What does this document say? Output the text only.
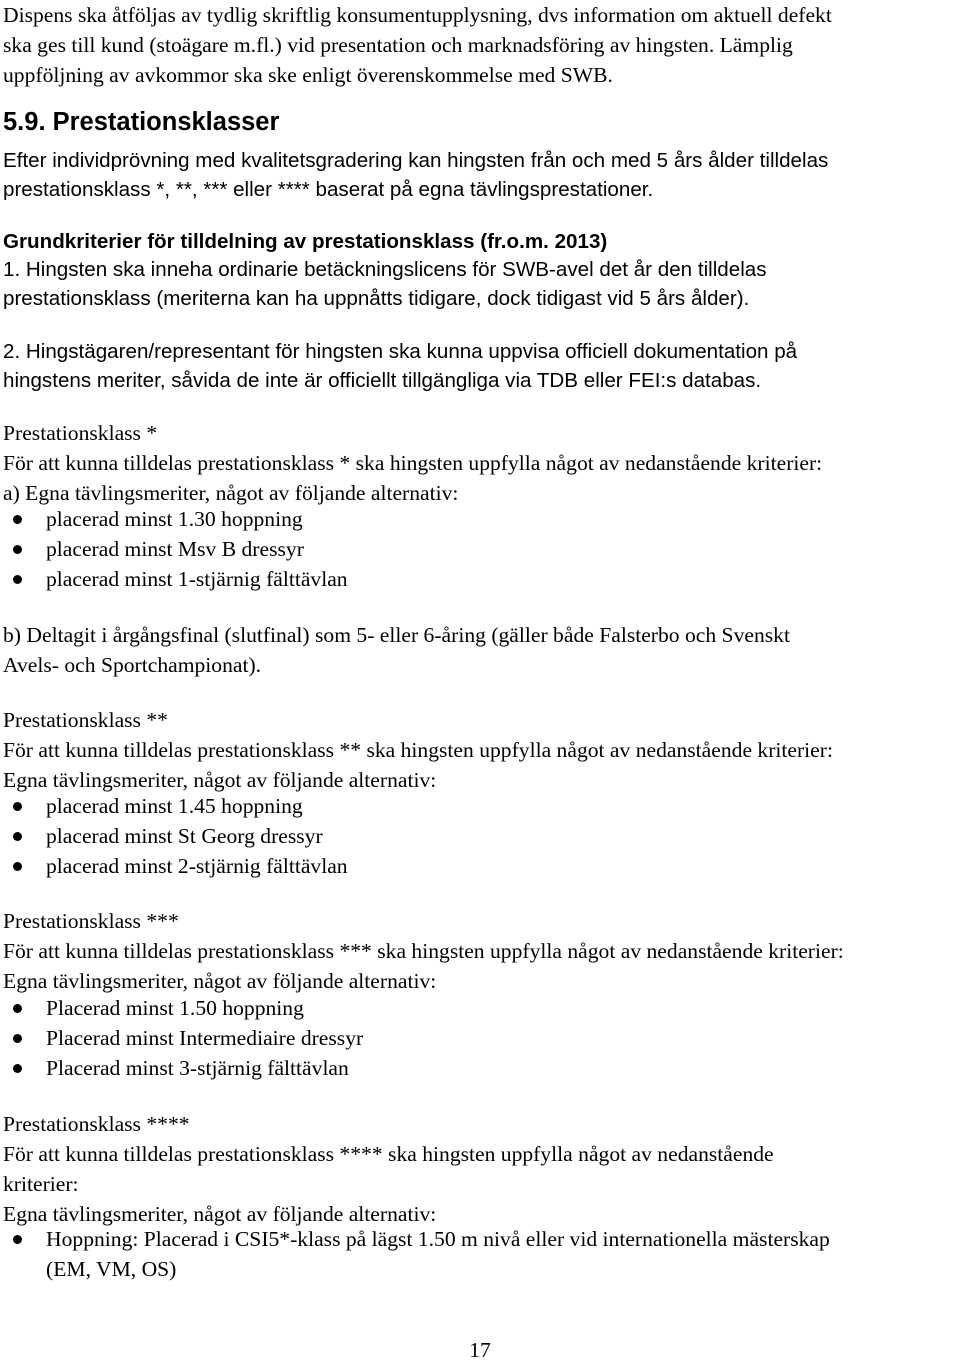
Dispens ska åtföljas av tydlig skriftlig konsumentupplysning, dvs information om aktuell defekt
ska ges till kund (stoägare m.fl.) vid presentation och marknadsföring av hingsten. Lämplig
uppföljning av avkommor ska ske enligt överenskommelse med SWB.
5.9. Prestationsklasser
Efter individprövning med kvalitetsgradering kan hingsten från och med 5 års ålder tilldelas
prestationsklass *, **, *** eller **** baserat på egna tävlingsprestationer.
Grundkriterier för tilldelning av prestationsklass (fr.o.m. 2013)
1. Hingsten ska inneha ordinarie betäckningslicens för SWB-avel det år den tilldelas
prestationsklass (meriterna kan ha uppnåtts tidigare, dock tidigast vid 5 års ålder).
2. Hingstägaren/representant för hingsten ska kunna uppvisa officiell dokumentation på
hingstens meriter, såvida de inte är officiellt tillgängliga via TDB eller FEI:s databas.
Prestationsklass *
För att kunna tilldelas prestationsklass * ska hingsten uppfylla något av nedanstående kriterier:
a) Egna tävlingsmeriter, något av följande alternativ:
placerad minst 1.30 hoppning
placerad minst Msv B dressyr
placerad minst 1-stjärnig fälttävlan
b) Deltagit i årgångsfinal (slutfinal) som 5- eller 6-åring (gäller både Falsterbo och Svenskt
Avels- och Sportchampionat).
Prestationsklass **
För att kunna tilldelas prestationsklass ** ska hingsten uppfylla något av nedanstående kriterier:
Egna tävlingsmeriter, något av följande alternativ:
placerad minst 1.45 hoppning
placerad minst St Georg dressyr
placerad minst 2-stjärnig fälttävlan
Prestationsklass ***
För att kunna tilldelas prestationsklass *** ska hingsten uppfylla något av nedanstående kriterier:
Egna tävlingsmeriter, något av följande alternativ:
Placerad minst 1.50 hoppning
Placerad minst Intermediaire dressyr
Placerad minst 3-stjärnig fälttävlan
Prestationsklass ****
För att kunna tilldelas prestationsklass **** ska hingsten uppfylla något av nedanstående
kriterier:
Egna tävlingsmeriter, något av följande alternativ:
Hoppning: Placerad i CSI5*-klass på lägst 1.50 m nivå eller vid internationella mästerskap
(EM, VM, OS)
17
